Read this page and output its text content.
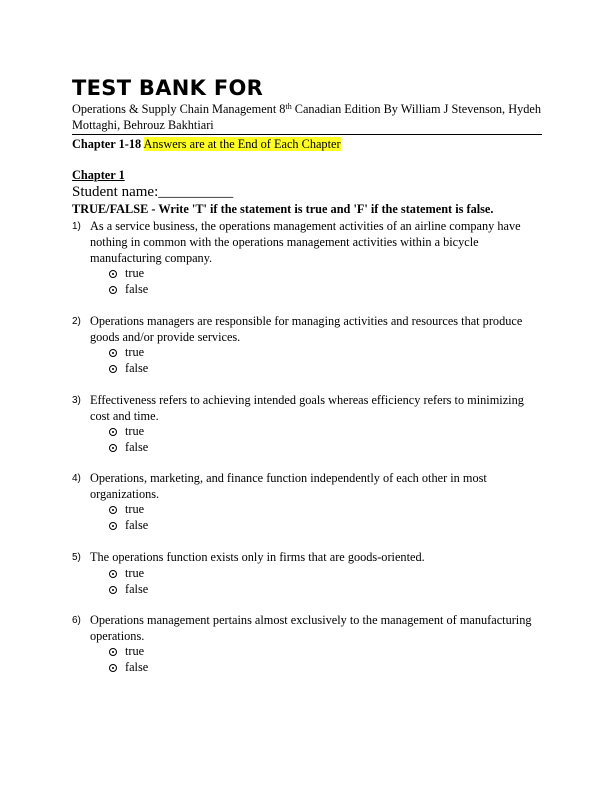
TEST BANK FOR
Operations & Supply Chain Management 8th Canadian Edition By William J Stevenson, Hydeh Mottaghi, Behrouz Bakhtiari
Chapter 1-18 Answers are at the End of Each Chapter
Chapter 1
Student name:__________
TRUE/FALSE - Write 'T' if the statement is true and 'F' if the statement is false.
1) As a service business, the operations management activities of an airline company have nothing in common with the operations management activities within a bicycle manufacturing company.
true
false
2) Operations managers are responsible for managing activities and resources that produce goods and/or provide services.
true
false
3) Effectiveness refers to achieving intended goals whereas efficiency refers to minimizing cost and time.
true
false
4) Operations, marketing, and finance function independently of each other in most organizations.
true
false
5) The operations function exists only in firms that are goods-oriented.
true
false
6) Operations management pertains almost exclusively to the management of manufacturing operations.
true
false
